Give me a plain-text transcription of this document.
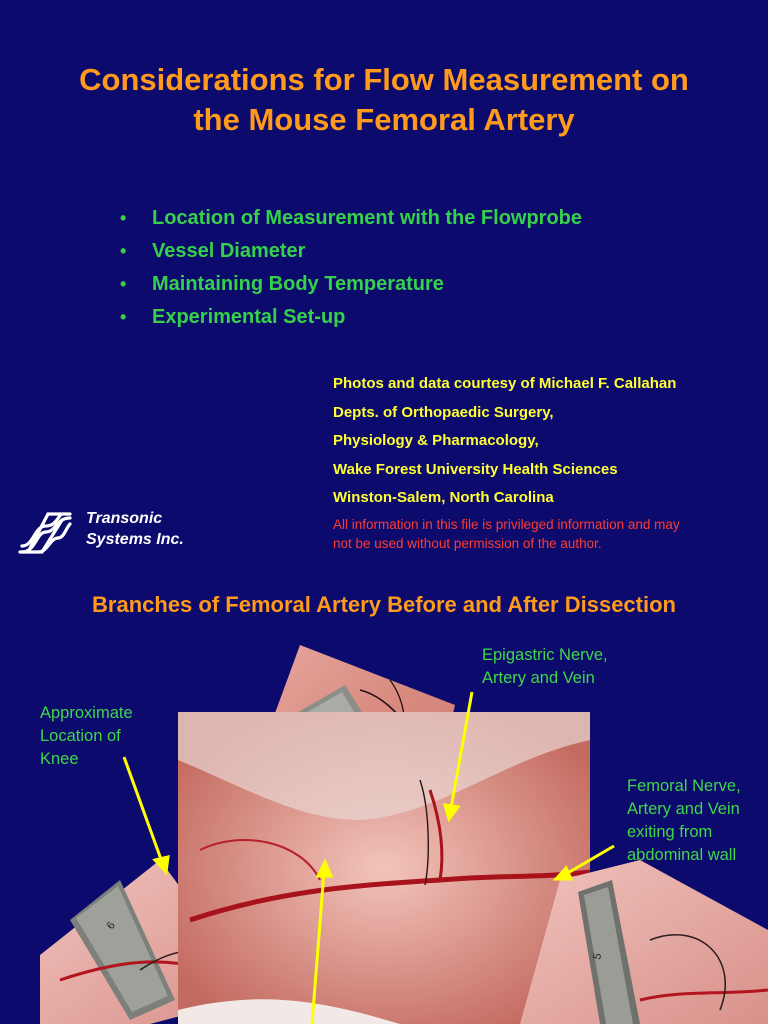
Considerations for Flow Measurement on
the Mouse Femoral Artery
• Location of Measurement with the Flowprobe
• Vessel Diameter
• Maintaining Body Temperature
• Experimental Set-up
Photos and data courtesy of Michael F. Callahan
Depts. of Orthopaedic Surgery,
Physiology & Pharmacology,
Wake Forest University Health Sciences
Winston-Salem, North Carolina
Transonic
Systems Inc.
All information in this file is privileged information and may
not be used without permission of the author.
Branches of Femoral Artery Before and After Dissection
6
5
Approximate
Location of
Knee
Epigastric Nerve,
Artery and Vein
Femoral Nerve,
Artery and Vein
exiting from
abdominal wall
